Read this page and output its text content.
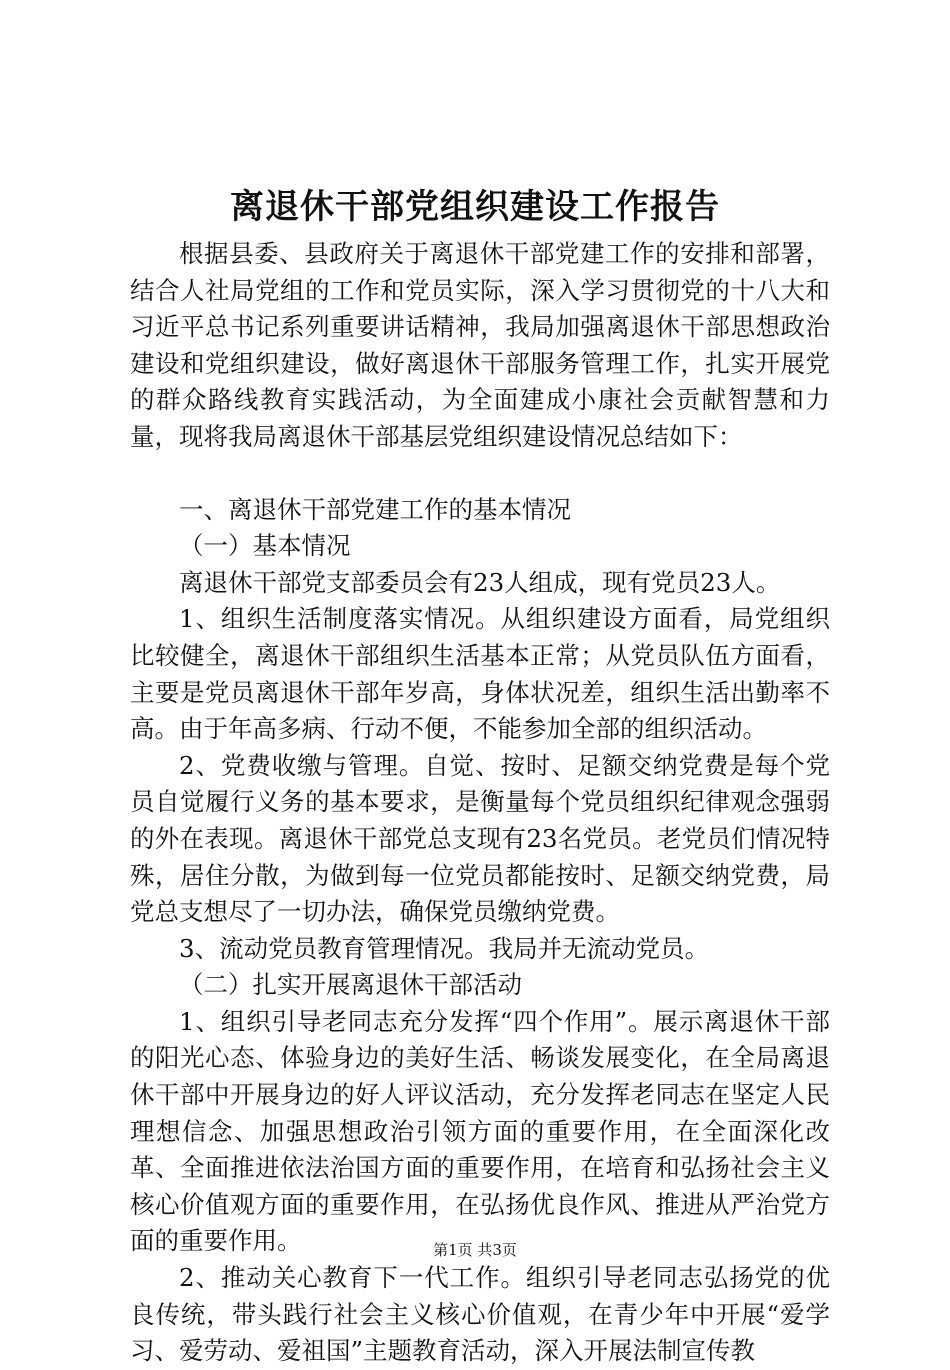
离退休干部党组织建设工作报告

根据县委、县政府关于离退休干部党建工作的安排和部署，结合人社局党组的工作和党员实际，深入学习贯彻党的十八大和习近平总书记系列重要讲话精神，我局加强离退休干部思想政治建设和党组织建设，做好离退休干部服务管理工作，扎实开展党的群众路线教育实践活动，为全面建成小康社会贡献智慧和力量，现将我局离退休干部基层党组织建设情况总结如下：

一、离退休干部党建工作的基本情况

（一）基本情况

离退休干部党支部委员会有23人组成，现有党员23人。

1、组织生活制度落实情况。从组织建设方面看，局党组织比较健全，离退休干部组织生活基本正常；从党员队伍方面看，主要是党员离退休干部年岁高，身体状况差，组织生活出勤率不高。由于年高多病、行动不便，不能参加全部的组织活动。

2、党费收缴与管理。自觉、按时、足额交纳党费是每个党员自觉履行义务的基本要求，是衡量每个党员组织纪律观念强弱的外在表现。离退休干部党总支现有23名党员。老党员们情况特殊，居住分散，为做到每一位党员都能按时、足额交纳党费，局党总支想尽了一切办法，确保党员缴纳党费。

3、流动党员教育管理情况。我局并无流动党员。

（二）扎实开展离退休干部活动

1、组织引导老同志充分发挥“四个作用”。展示离退休干部的阳光心态、体验身边的美好生活、畅谈发展变化，在全局离退休干部中开展身边的好人评议活动，充分发挥老同志在坚定人民理想信念、加强思想政治引领方面的重要作用，在全面深化改革、全面推进依法治国方面的重要作用，在培育和弘扬社会主义核心价值观方面的重要作用，在弘扬优良作风、推进从严治党方面的重要作用。

2、推动关心教育下一代工作。组织引导老同志弘扬党的优良传统，带头践行社会主义核心价值观，在青少年中开展“爱学习、爱劳动、爱祖国”主题教育活动，深入开展法制宣传教

第1页 共3页
